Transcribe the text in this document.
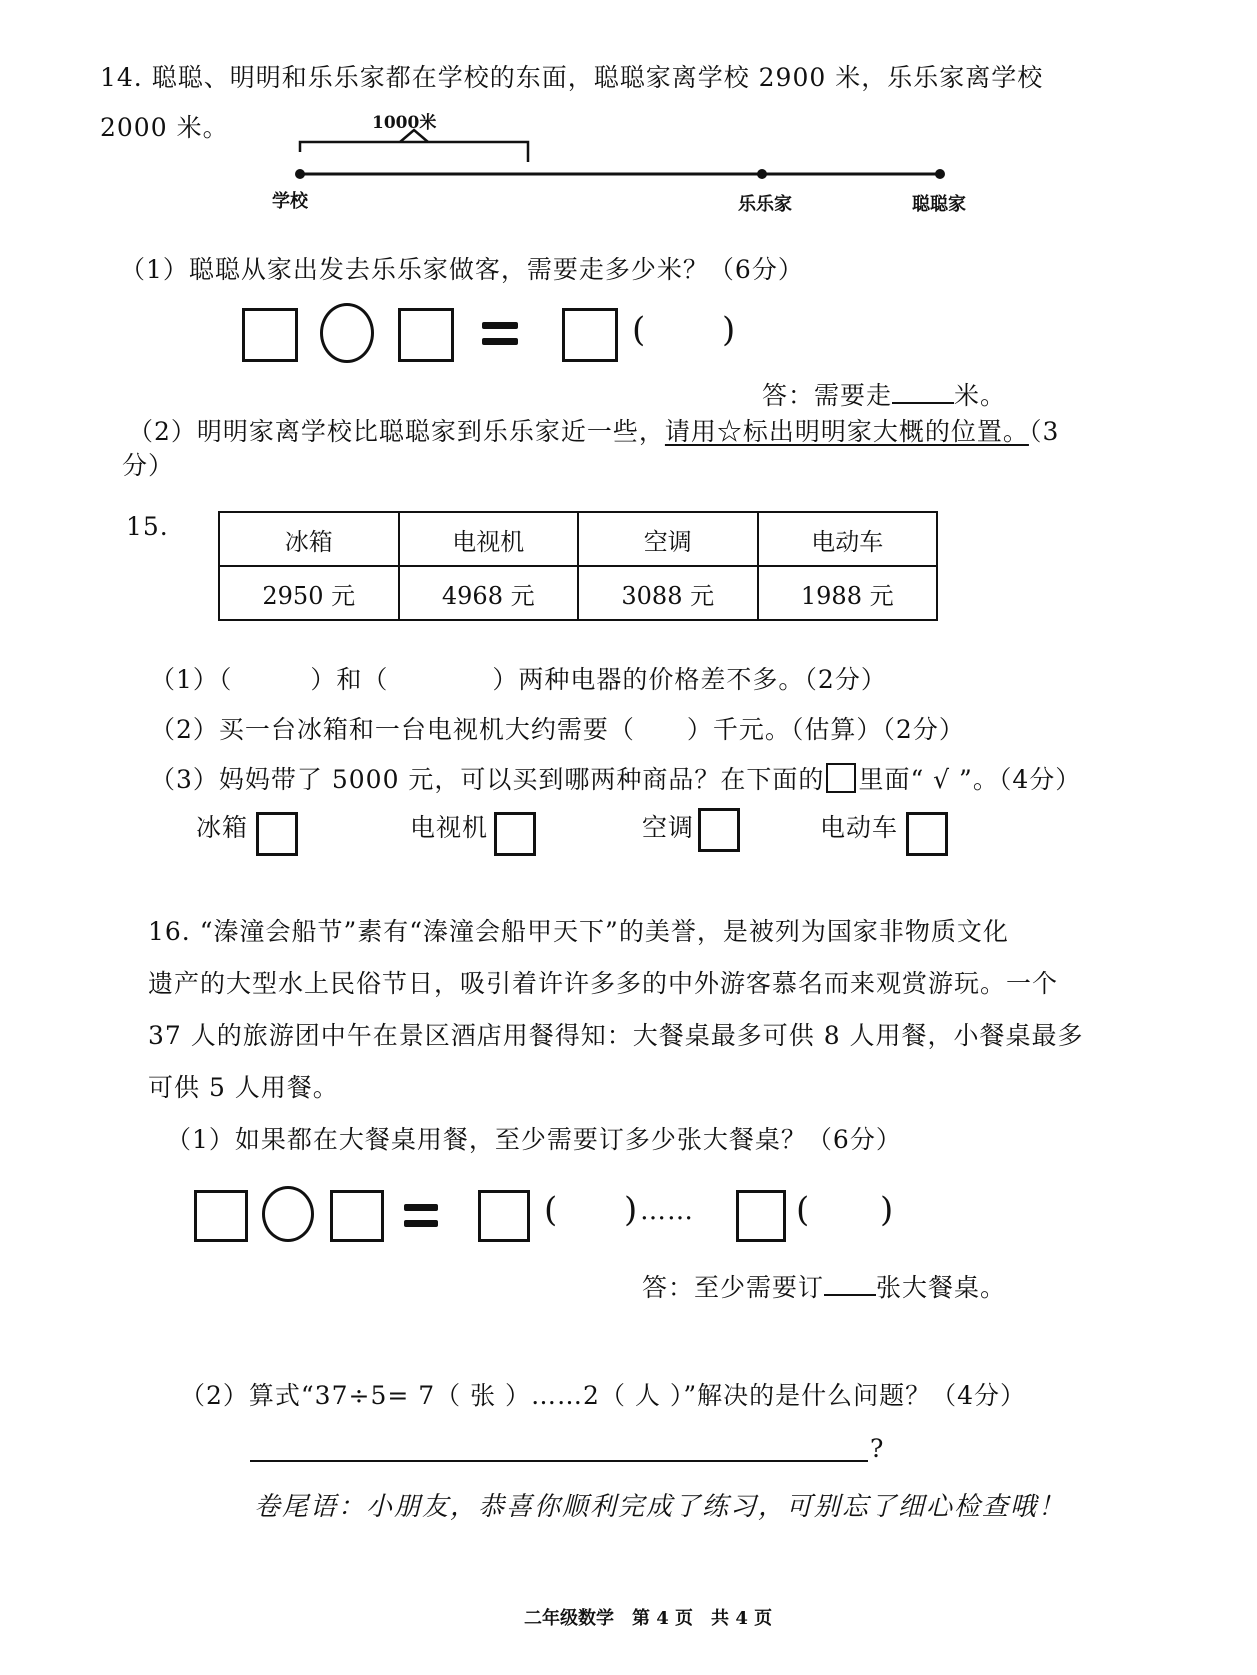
14. 聪聪、明明和乐乐家都在学校的东面，聪聪家离学校 2900 米，乐乐家离学校
2000 米。	1000米
学校	乐乐家	聪聪家
（1）聪聪从家出发去乐乐家做客，需要走多少米？（6分）
( )
答：需要走 米。
（2）明明家离学校比聪聪家到乐乐家近一些，请用☆标出明明家大概的位置。（3
分）
15.
冰箱	电视机	空调	电动车
2950 元	4968 元	3088 元	1988 元
（1）（　　　）和（　　　　）两种电器的价格差不多。（2分）
（2）买一台冰箱和一台电视机大约需要（　　）千元。（估算）（2分）
（3）妈妈带了 5000 元，可以买到哪两种商品？在下面的 里面“ √ ”。（4分）
冰箱	电视机	空调	电动车
16. “溱潼会船节”素有“溱潼会船甲天下”的美誉，是被列为国家非物质文化
遗产的大型水上民俗节日，吸引着许许多多的中外游客慕名而来观赏游玩。一个
37 人的旅游团中午在景区酒店用餐得知：大餐桌最多可供 8 人用餐，小餐桌最多
可供 5 人用餐。
（1）如果都在大餐桌用餐，至少需要订多少张大餐桌？（6分）
( ) ……	( )
答：至少需要订 张大餐桌。
（2）算式“37÷5= 7（ 张 ）……2（ 人 ）”解决的是什么问题？（4分）
?
卷尾语：小朋友，恭喜你顺利完成了练习，可别忘了细心检查哦！
二年级数学　第 4 页　共 4 页
